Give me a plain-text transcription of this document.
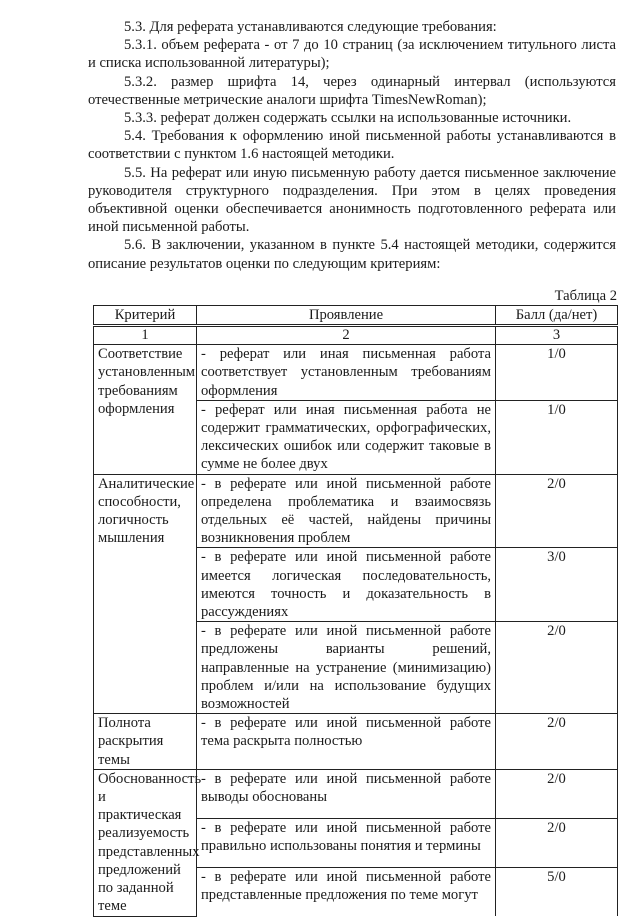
5.3. Для реферата устанавливаются следующие требования:

5.3.1. объем реферата - от 7 до 10 страниц (за исключением титульного листа и списка использованной литературы);

5.3.2. размер шрифта 14, через одинарный интервал (используются отечественные метрические аналоги шрифта TimesNewRoman);

5.3.3. реферат должен содержать ссылки на использованные источники.

5.4. Требования к оформлению иной письменной работы устанавливаются в соответствии с пунктом 1.6 настоящей методики.

5.5. На реферат или иную письменную работу дается письменное заключение руководителя структурного подразделения. При этом в целях проведения объективной оценки обеспечивается анонимность подготовленного реферата или иной письменной работы.

5.6. В заключении, указанном в пункте 5.4 настоящей методики, содержится описание результатов оценки по следующим критериям:

Таблица 2
Критерий	Проявление	Балл (да/нет)
1	2	3
Соответствие установленным требованиям оформления	- реферат или иная письменная работа соответствует установленным требованиям оформления	1/0
	- реферат или иная письменная работа не содержит грамматических, орфографических, лексических ошибок или содержит таковые в сумме не более двух	1/0
Аналитические способности, логичность мышления	- в реферате или иной письменной работе определена проблематика и взаимосвязь отдельных её частей, найдены причины возникновения проблем	2/0
	- в реферате или иной письменной работе имеется логическая последовательность, имеются точность и доказательность в рассуждениях	3/0
	- в реферате или иной письменной работе предложены варианты решений, направленные на устранение (минимизацию) проблем и/или на использование будущих возможностей	2/0
Полнота раскрытия темы	- в реферате или иной письменной работе тема раскрыта полностью	2/0
Обоснованность и практическая реализуемость представленных предложений по заданной теме	- в реферате или иной письменной работе выводы обоснованы	2/0
	- в реферате или иной письменной работе правильно использованы понятия и термины	2/0
	- в реферате или иной письменной работе представленные предложения по теме могут	5/0
